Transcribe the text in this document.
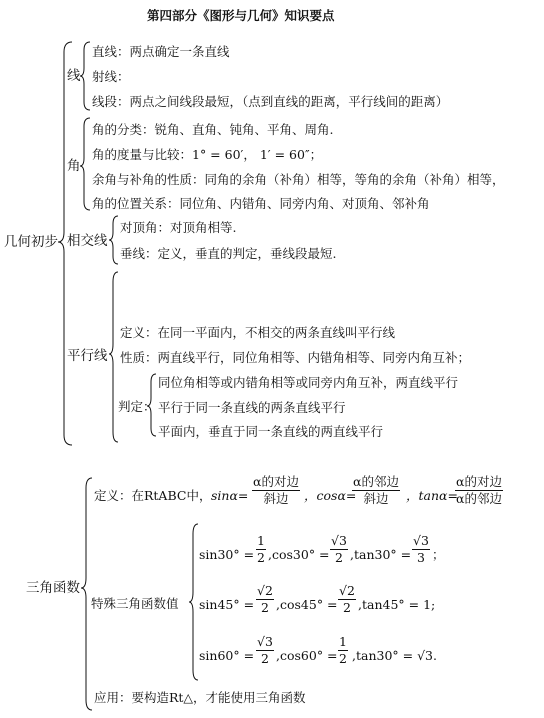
第四部分《图形与几何》知识要点
几何初步
线
直线：两点确定一条直线
射线：
线段：两点之间线段最短，（点到直线的距离，平行线间的距离）
角
角的分类：锐角、直角、钝角、平角、周角.
角的度量与比较：1° = 60′， 1′ = 60″；
余角与补角的性质：同角的余角（补角）相等，等角的余角（补角）相等，
角的位置关系：同位角、内错角、同旁内角、对顶角、邻补角
相交线
对顶角：对顶角相等.
垂线：定义，垂直的判定，垂线段最短.
平行线
定义：在同一平面内，不相交的两条直线叫平行线
性质：两直线平行，同位角相等、内错角相等、同旁内角互补；
判定：
同位角相等或内错角相等或同旁内角互补，两直线平行
平行于同一条直线的两条直线平行
平面内，垂直于同一条直线的两直线平行
三角函数
定义：在RtABC中， sinα=
α的对边
斜边	，cosα=
α的邻边
斜边	，tanα=
α的对边
α的邻边
特殊三角函数值
$\sin 30^\circ = \frac{1}{2} ,\cos 30^\circ = \frac{√3}{2} ,\tan 30^\circ = \frac{√3}{3}$ ；
$\sin 45^\circ = \frac{√2}{2} ,\cos 45^\circ = \frac{√2}{2} ,\tan 45^\circ = 1$;
$\sin 60^\circ = \frac{√3}{2} ,\cos 60^\circ = \frac{1}{2} ,\tan 30^\circ = √3$.
应用：要构造Rt△，才能使用三角函数
